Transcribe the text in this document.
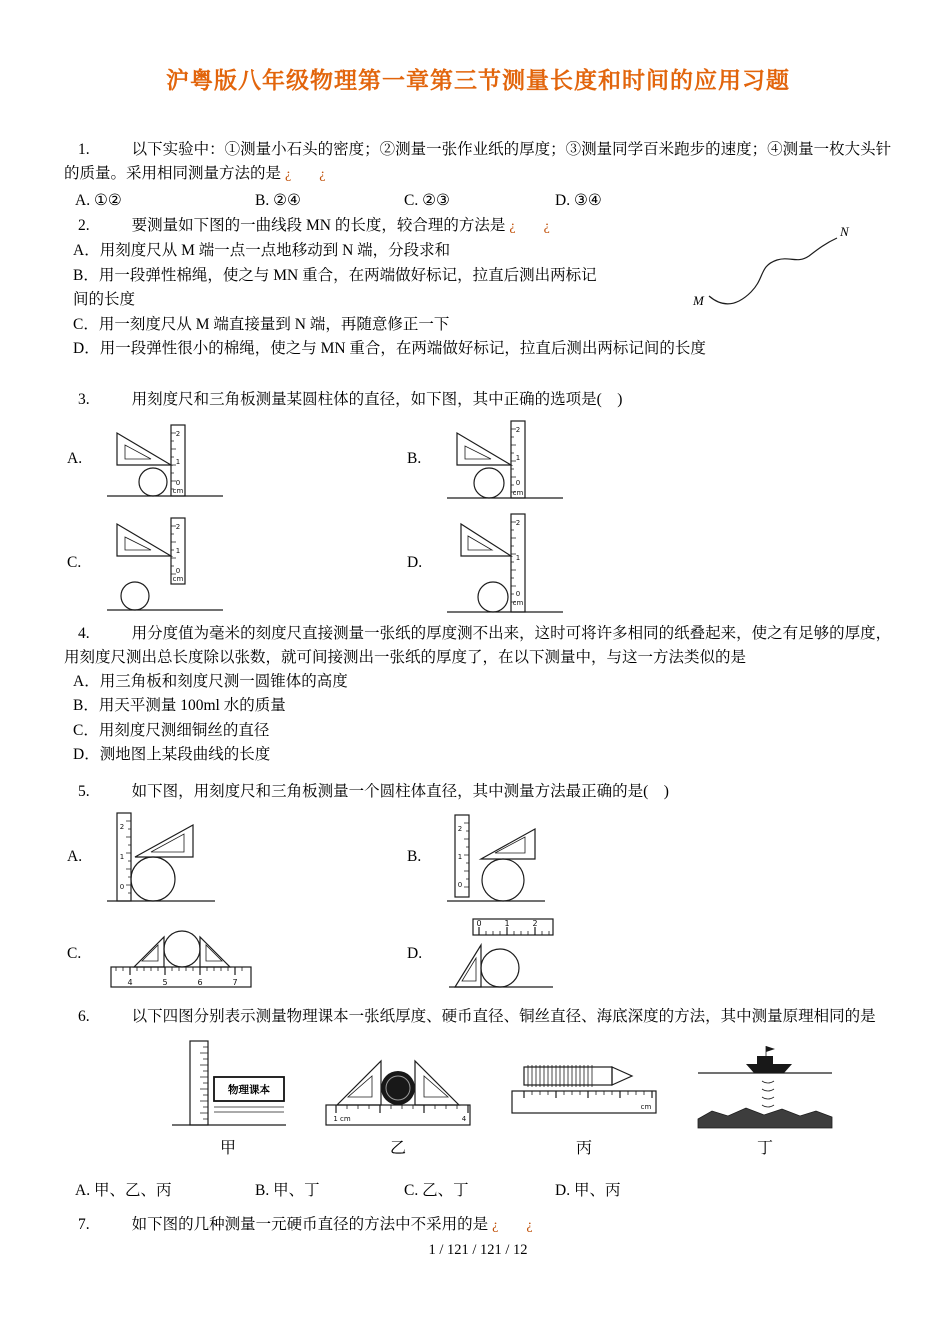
沪粤版八年级物理第一章第三节测量长度和时间的应用习题

1.	以下实验中：①测量小石头的密度；②测量一张作业纸的厚度；③测量同学百米跑步的速度；④测量一枚大头针的质量。采用相同测量方法的是 ¿　¿

A. ①②	B. ②④	C. ②③	D. ③④

2.	要测量如下图的一曲线段 MN 的长度，较合理的方法是 ¿　¿

A．用刻度尺从 M 端一点一点地移动到 N 端，分段求和

B．用一段弹性棉绳，使之与 MN 重合，在两端做好标记，拉直后测出两标记间的长度

C．用一刻度尺从 M 端直接量到 N 端，再随意修正一下

D．用一段弹性很小的棉绳，使之与 MN 重合，在两端做好标记，拉直后测出两标记间的长度

M
N

3.	用刻度尺和三角板测量某圆柱体的直径，如下图，其中正确的选项是(　)

A.
2
1
0
cm
B.
2
1
0
cm
C.
2
1
0
cm
D.
2
1
0
cm

4.	用分度值为毫米的刻度尺直接测量一张纸的厚度测不出来，这时可将许多相同的纸叠起来，使之有足够的厚度，用刻度尺测出总长度除以张数，就可间接测出一张纸的厚度了，在以下测量中，与这一方法类似的是

A．用三角板和刻度尺测一圆锥体的高度

B．用天平测量 100ml 水的质量

C．用刻度尺测细铜丝的直径

D．测地图上某段曲线的长度

5.	如下图，用刻度尺和三角板测量一个圆柱体直径，其中测量方法最正确的是(　)

A.
2
1
0
B.
2
1
0
C.
4	5	6	7
D.
0	1	2

6.	以下四图分别表示测量物理课本一张纸厚度、硬币直径、铜丝直径、海底深度的方法，其中测量原理相同的是

物理课本
甲
1 cm	4
乙
cm
丙	丁
A. 甲、乙、丙	B. 甲、丁	C. 乙、丁	D. 甲、丙

7.	如下图的几种测量一元硬币直径的方法中不采用的是 ¿　¿

1 / 121 / 121 / 12
